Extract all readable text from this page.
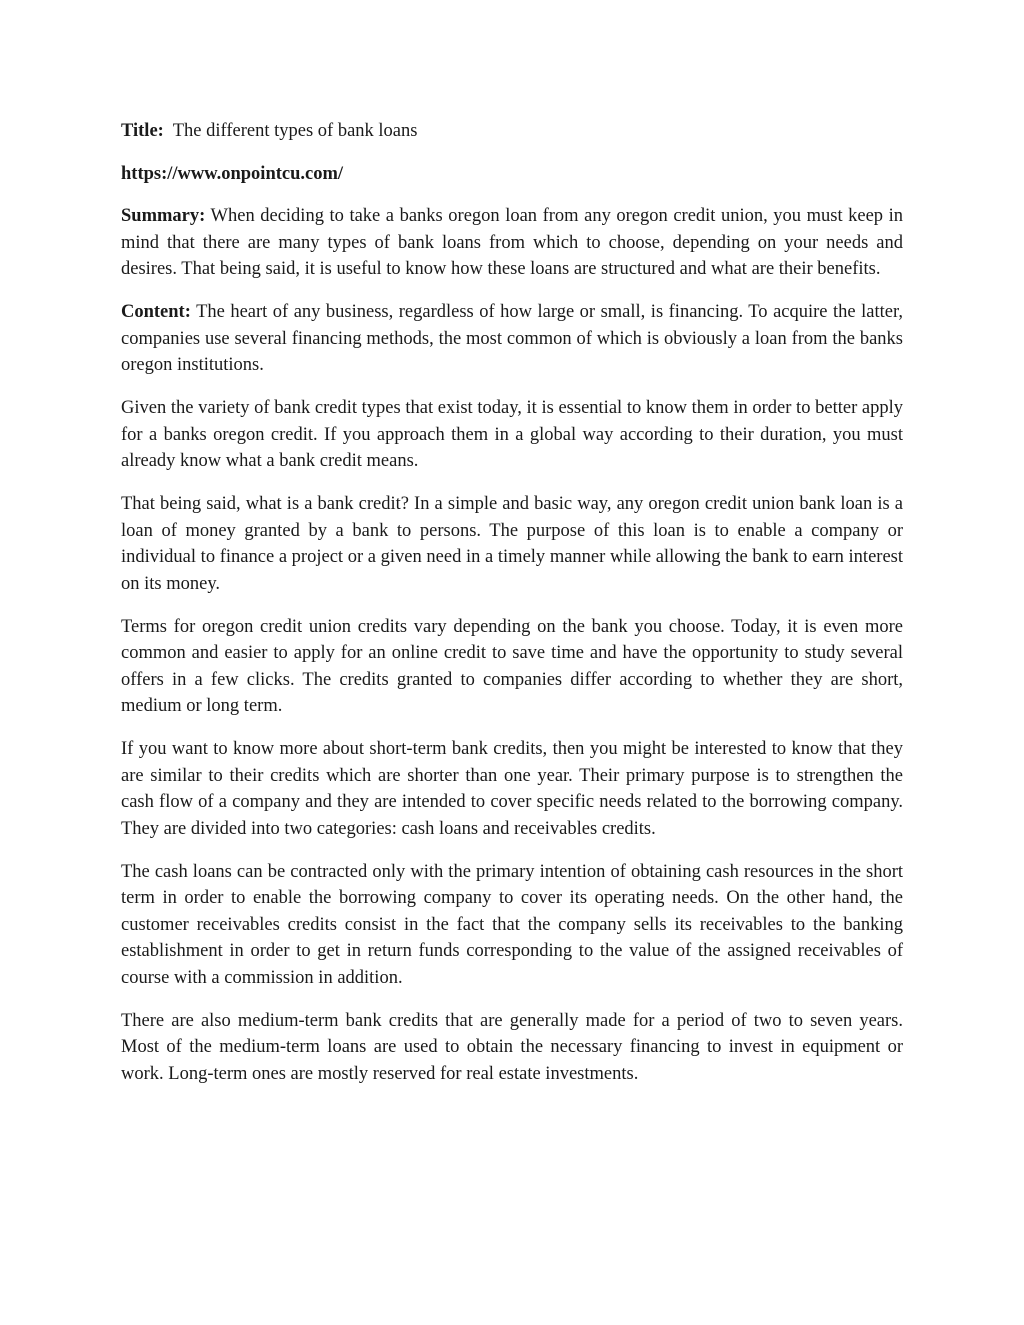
Title: The different types of bank loans

https://www.onpointcu.com/

Summary: When deciding to take a banks oregon loan from any oregon credit union, you must keep in mind that there are many types of bank loans from which to choose, depending on your needs and desires. That being said, it is useful to know how these loans are structured and what are their benefits.

Content: The heart of any business, regardless of how large or small, is financing. To acquire the latter, companies use several financing methods, the most common of which is obviously a loan from the banks oregon institutions.

Given the variety of bank credit types that exist today, it is essential to know them in order to better apply for a banks oregon credit. If you approach them in a global way according to their duration, you must already know what a bank credit means.

That being said, what is a bank credit? In a simple and basic way, any oregon credit union bank loan is a loan of money granted by a bank to persons. The purpose of this loan is to enable a company or individual to finance a project or a given need in a timely manner while allowing the bank to earn interest on its money.

Terms for oregon credit union credits vary depending on the bank you choose. Today, it is even more common and easier to apply for an online credit to save time and have the opportunity to study several offers in a few clicks. The credits granted to companies differ according to whether they are short, medium or long term.

If you want to know more about short-term bank credits, then you might be interested to know that they are similar to their credits which are shorter than one year. Their primary purpose is to strengthen the cash flow of a company and they are intended to cover specific needs related to the borrowing company. They are divided into two categories: cash loans and receivables credits.

The cash loans can be contracted only with the primary intention of obtaining cash resources in the short term in order to enable the borrowing company to cover its operating needs. On the other hand, the customer receivables credits consist in the fact that the company sells its receivables to the banking establishment in order to get in return funds corresponding to the value of the assigned receivables of course with a commission in addition.

There are also medium-term bank credits that are generally made for a period of two to seven years. Most of the medium-term loans are used to obtain the necessary financing to invest in equipment or work. Long-term ones are mostly reserved for real estate investments.
